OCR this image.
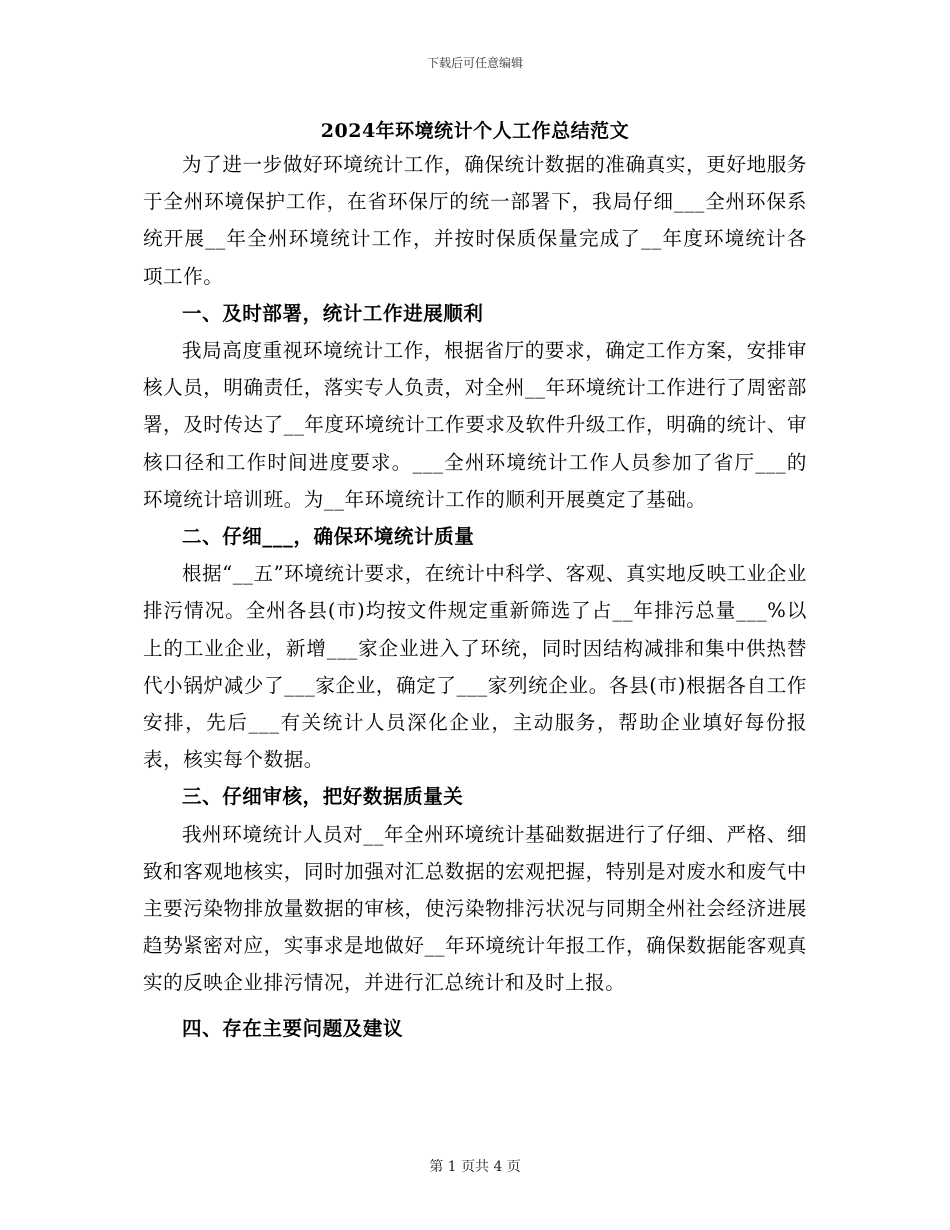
下载后可任意编辑
2024年环境统计个人工作总结范文

为了进一步做好环境统计工作，确保统计数据的准确真实，更好地服务于全州环境保护工作，在省环保厅的统一部署下，我局仔细___全州环保系统开展__年全州环境统计工作，并按时保质保量完成了__年度环境统计各项工作。

一、及时部署，统计工作进展顺利

我局高度重视环境统计工作，根据省厅的要求，确定工作方案，安排审核人员，明确责任，落实专人负责，对全州__年环境统计工作进行了周密部署，及时传达了__年度环境统计工作要求及软件升级工作，明确的统计、审核口径和工作时间进度要求。___全州环境统计工作人员参加了省厅___的环境统计培训班。为__年环境统计工作的顺利开展奠定了基础。

二、仔细___，确保环境统计质量

根据“__五”环境统计要求，在统计中科学、客观、真实地反映工业企业排污情况。全州各县(市)均按文件规定重新筛选了占__年排污总量___%以上的工业企业，新增___家企业进入了环统，同时因结构减排和集中供热替代小锅炉减少了___家企业，确定了___家列统企业。各县(市)根据各自工作安排，先后___有关统计人员深化企业，主动服务，帮助企业填好每份报表，核实每个数据。

三、仔细审核，把好数据质量关

我州环境统计人员对__年全州环境统计基础数据进行了仔细、严格、细致和客观地核实，同时加强对汇总数据的宏观把握，特别是对废水和废气中主要污染物排放量数据的审核，使污染物排污状况与同期全州社会经济进展趋势紧密对应，实事求是地做好__年环境统计年报工作，确保数据能客观真实的反映企业排污情况，并进行汇总统计和及时上报。

四、存在主要问题及建议

第 1 页共 4 页
